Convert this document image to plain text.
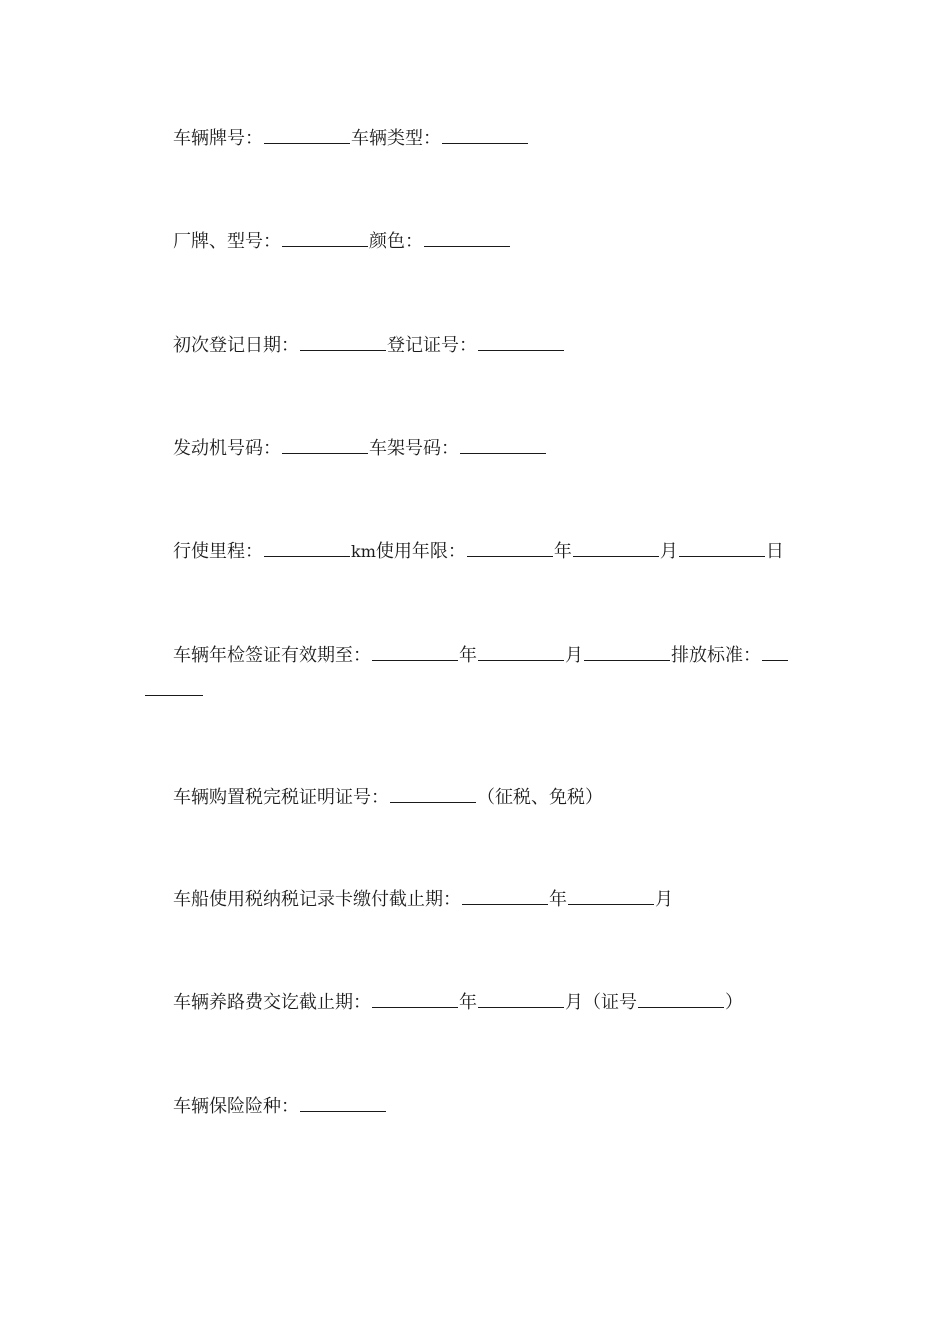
车辆牌号：	车辆类型：
厂牌、型号：	颜色：
初次登记日期：	登记证号：
发动机号码：	车架号码：
行使里程：	km使用年限：	年	月	日
车辆年检签证有效期至：	年	月	排放标准：
车辆购置税完税证明证号：	（征税、免税）
车船使用税纳税记录卡缴付截止期：	年	月
车辆养路费交讫截止期：	年	月（证号	）
车辆保险险种：
